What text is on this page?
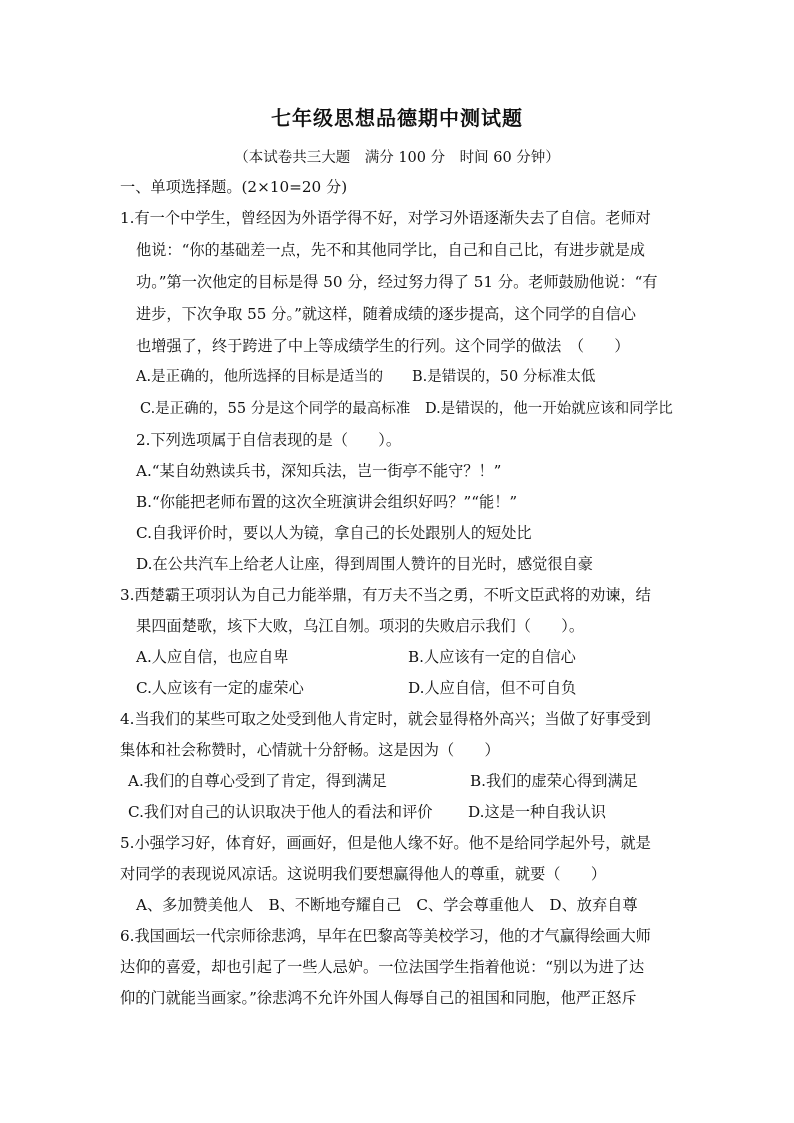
七年级思想品德期中测试题
（本试卷共三大题　满分 100 分　时间 60 分钟）
一、单项选择题。(2×10=20 分)
1.有一个中学生，曾经因为外语学得不好，对学习外语逐渐失去了自信。老师对
他说：“你的基础差一点，先不和其他同学比，自己和自己比，有进步就是成
功。”第一次他定的目标是得 50 分，经过努力得了 51 分。老师鼓励他说：“有
进步，下次争取 55 分。”就这样，随着成绩的逐步提高，这个同学的自信心
也增强了，终于跨进了中上等成绩学生的行列。这个同学的做法　（　　）
A.是正确的，他所选择的目标是适当的 B.是错误的，50 分标准太低
C.是正确的，55 分是这个同学的最高标准 D.是错误的，他一开始就应该和同学比
2.下列选项属于自信表现的是（　　）。
A.“某自幼熟读兵书，深知兵法，岂一街亭不能守？！”
B.“你能把老师布置的这次全班演讲会组织好吗？”“能！”
C.自我评价时，要以人为镜，拿自己的长处跟别人的短处比
D.在公共汽车上给老人让座，得到周围人赞许的目光时，感觉很自豪
3.西楚霸王项羽认为自己力能举鼎，有万夫不当之勇，不听文臣武将的劝谏，结
果四面楚歌，垓下大败，乌江自刎。项羽的失败启示我们（　　）。
A.人应自信，也应自卑	B.人应该有一定的自信心
C.人应该有一定的虚荣心	D.人应自信，但不可自负
4.当我们的某些可取之处受到他人肯定时，就会显得格外高兴；当做了好事受到
集体和社会称赞时，心情就十分舒畅。这是因为（　　）
A.我们的自尊心受到了肯定，得到满足	B.我们的虚荣心得到满足
C.我们对自己的认识取决于他人的看法和评价 D.这是一种自我认识
5.小强学习好，体育好，画画好，但是他人缘不好。他不是给同学起外号，就是
对同学的表现说风凉话。这说明我们要想赢得他人的尊重，就要（　　）
A、多加赞美他人　B、不断地夸耀自己　C、学会尊重他人　D、放弃自尊
6.我国画坛一代宗师徐悲鸿，早年在巴黎高等美校学习，他的才气赢得绘画大师
达仰的喜爱，却也引起了一些人忌妒。一位法国学生指着他说：“别以为进了达
仰的门就能当画家。”徐悲鸿不允许外国人侮辱自己的祖国和同胞，他严正怒斥
